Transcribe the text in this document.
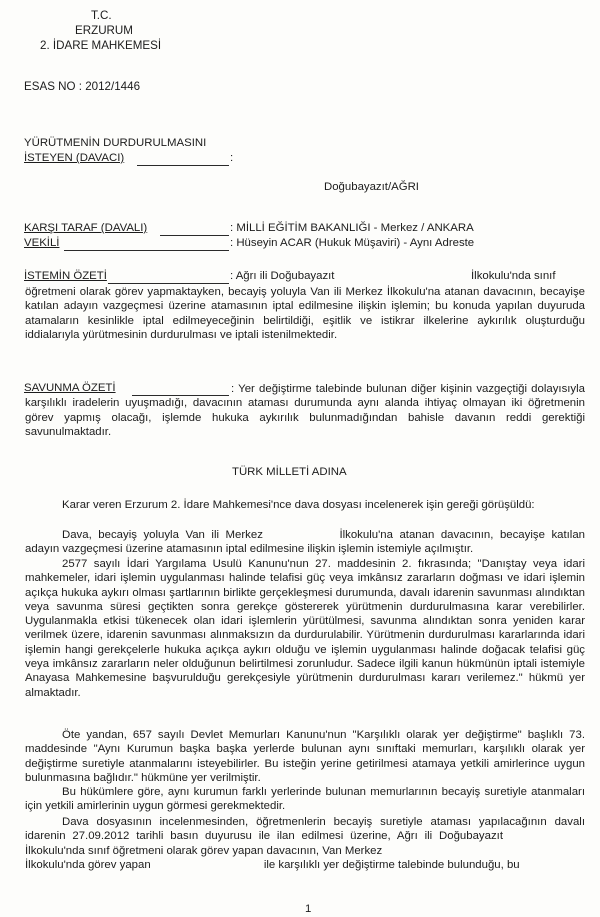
T.C.
ERZURUM
2. İDARE MAHKEMESİ
ESAS NO : 2012/1446
YÜRÜTMENİN DURDURULMASINI
İSTEYEN (DAVACI)	:
Doğubayazıt/AĞRI
KARŞI TARAF (DAVALI)	: MİLLİ EĞİTİM BAKANLIĞI - Merkez / ANKARA
VEKİLİ	: Hüseyin ACAR (Hukuk Müşaviri) - Aynı Adreste
İSTEMİN ÖZETİ	: Ağrı ili Doğubayazıt	İlkokulu'nda sınıf
öğretmeni olarak görev yapmaktayken, becayiş yoluyla Van ili Merkez İlkokulu'na atanan davacının, becayişe katılan adayın vazgeçmesi üzerine atamasının iptal edilmesine ilişkin işlemin; bu konuda yapılan duyuruda atamaların kesinlikle iptal edilmeyeceğinin belirtildiği, eşitlik ve istikrar ilkelerine aykırılık oluşturduğu iddialarıyla yürütmesinin durdurulması ve iptali istenilmektedir.
SAVUNMA ÖZETİ	: Yer değiştirme talebinde bulunan diğer kişinin vazgeçtiği dolayısıyla karşılıklı iradelerin uyuşmadığı, davacının ataması durumunda aynı alanda ihtiyaç olmayan iki öğretmenin görev yapmış olacağı, işlemde hukuka aykırılık bulunmadığından bahisle davanın reddi gerektiği savunulmaktadır.
TÜRK MİLLETİ ADINA
Karar veren Erzurum 2. İdare Mahkemesi'nce dava dosyası incelenerek işin gereği görüşüldü:
Dava, becayiş yoluyla Van ili Merkez	İlkokulu'na atanan davacının, becayişe katılan adayın vazgeçmesi üzerine atamasının iptal edilmesine ilişkin işlemin istemiyle açılmıştır.
2577 sayılı İdari Yargılama Usulü Kanunu'nun 27. maddesinin 2. fıkrasında; "Danıştay veya idari mahkemeler, idari işlemin uygulanması halinde telafisi güç veya imkânsız zararların doğması ve idari işlemin açıkça hukuka aykırı olması şartlarının birlikte gerçekleşmesi durumunda, davalı idarenin savunması alındıktan veya savunma süresi geçtikten sonra gerekçe göstererek yürütmenin durdurulmasına karar verebilirler. Uygulanmakla etkisi tükenecek olan idari işlemlerin yürütülmesi, savunma alındıktan sonra yeniden karar verilmek üzere, idarenin savunması alınmaksızın da durdurulabilir. Yürütmenin durdurulması kararlarında idari işlemin hangi gerekçelerle hukuka açıkça aykırı olduğu ve işlemin uygulanması halinde doğacak telafisi güç veya imkânsız zararların neler olduğunun belirtilmesi zorunludur. Sadece ilgili kanun hükmünün iptali istemiyle Anayasa Mahkemesine başvurulduğu gerekçesiyle yürütmenin durdurulması kararı verilemez." hükmü yer almaktadır.
Öte yandan, 657 sayılı Devlet Memurları Kanunu'nun "Karşılıklı olarak yer değiştirme" başlıklı 73. maddesinde "Aynı Kurumun başka başka yerlerde bulunan aynı sınıftaki memurları, karşılıklı olarak yer değiştirme suretiyle atanmalarını isteyebilirler. Bu isteğin yerine getirilmesi atamaya yetkili amirlerince uygun bulunmasına bağlıdır." hükmüne yer verilmiştir.
Bu hükümlere göre, aynı kurumun farklı yerlerinde bulunan memurlarının becayiş suretiyle atanmaları için yetkili amirlerinin uygun görmesi gerekmektedir.
Dava dosyasının incelenmesinden, öğretmenlerin becayiş suretiyle ataması yapılacağının davalı idarenin 27.09.2012 tarihli basın duyurusu ile ilan edilmesi üzerine, Ağrı ili Doğubayazıt İlkokulu'nda sınıf öğretmeni olarak görev yapan davacının, Van Merkez
İlkokulu'nda görev yapan	ile karşılıklı yer değiştirme talebinde bulunduğu, bu
1
